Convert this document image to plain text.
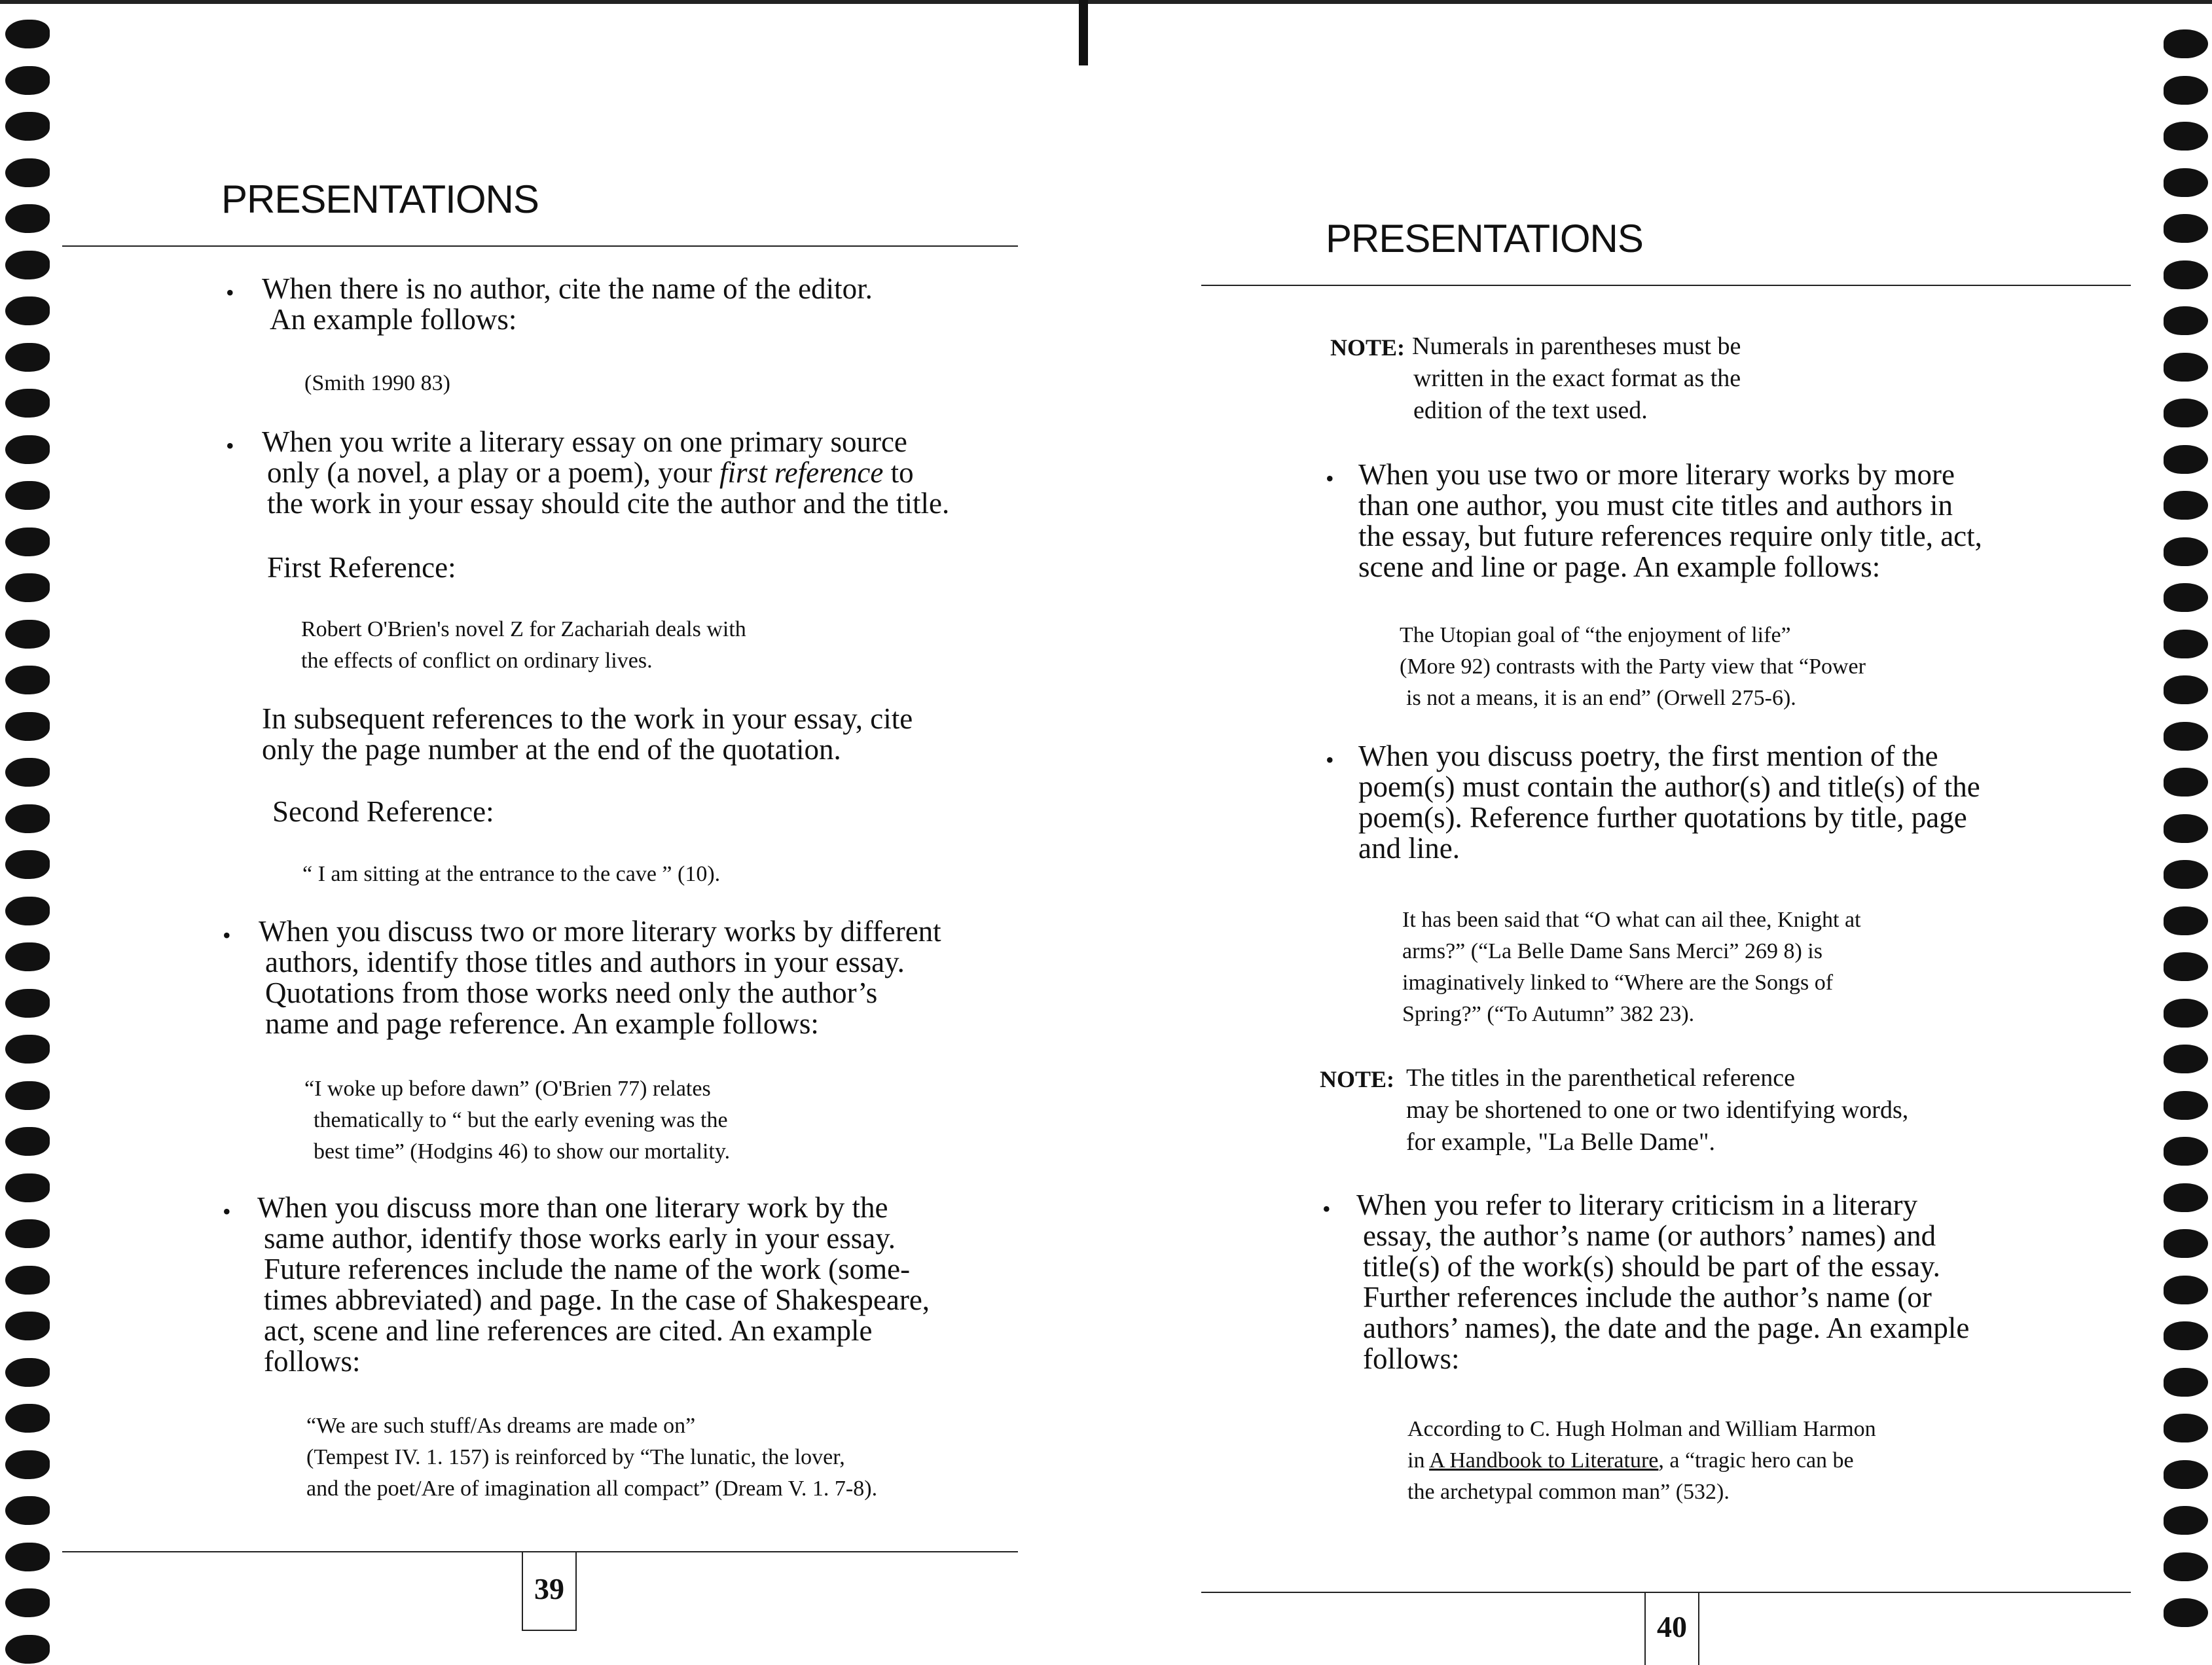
PRESENTATIONS
• When there is no author, cite the name of the editor.
An example follows:
(Smith 1990 83)
• When you write a literary essay on one primary source
only (a novel, a play or a poem), your first reference to
the work in your essay should cite the author and the title.
First Reference:
Robert O'Brien's novel Z for Zachariah deals with
the effects of conflict on ordinary lives.
In subsequent references to the work in your essay, cite
only the page number at the end of the quotation.
Second Reference:
“ I am sitting at the entrance to the cave ” (10).
• When you discuss two or more literary works by different
authors, identify those titles and authors in your essay.
Quotations from those works need only the author’s
name and page reference. An example follows:
“I woke up before dawn” (O'Brien 77) relates
thematically to “ but the early evening was the
best time” (Hodgins 46) to show our mortality.
• When you discuss more than one literary work by the
same author, identify those works early in your essay.
Future references include the name of the work (some-
times abbreviated) and page. In the case of Shakespeare,
act, scene and line references are cited. An example
follows:
“We are such stuff/As dreams are made on”
(Tempest IV. 1. 157) is reinforced by “The lunatic, the lover,
and the poet/Are of imagination all compact” (Dream V. 1. 7-8).
39
PRESENTATIONS
NOTE: Numerals in parentheses must be
written in the exact format as the
edition of the text used.
• When you use two or more literary works by more
than one author, you must cite titles and authors in
the essay, but future references require only title, act,
scene and line or page. An example follows:
The Utopian goal of “the enjoyment of life”
(More 92) contrasts with the Party view that “Power
is not a means, it is an end” (Orwell 275-6).
• When you discuss poetry, the first mention of the
poem(s) must contain the author(s) and title(s) of the
poem(s). Reference further quotations by title, page
and line.
It has been said that “O what can ail thee, Knight at
arms?” (“La Belle Dame Sans Merci” 269 8) is
imaginatively linked to “Where are the Songs of
Spring?” (“To Autumn” 382 23).
NOTE: The titles in the parenthetical reference
may be shortened to one or two identifying words,
for example, "La Belle Dame".
• When you refer to literary criticism in a literary
essay, the author’s name (or authors’ names) and
title(s) of the work(s) should be part of the essay.
Further references include the author’s name (or
authors’ names), the date and the page. An example
follows:
According to C. Hugh Holman and William Harmon
in A Handbook to Literature, a “tragic hero can be
the archetypal common man” (532).
40
